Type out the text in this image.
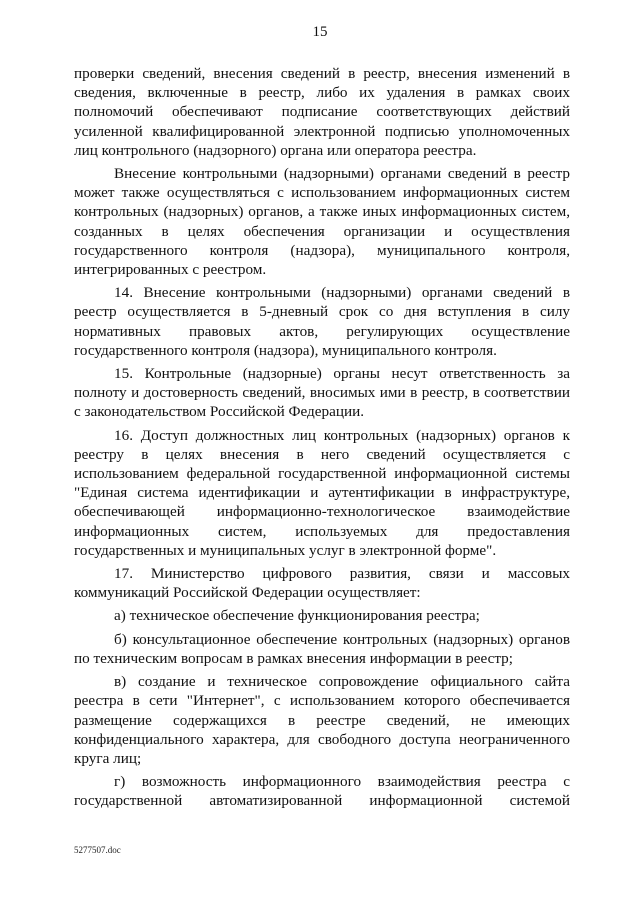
15

проверки сведений, внесения сведений в реестр, внесения изменений в сведения, включенные в реестр, либо их удаления в рамках своих полномочий обеспечивают подписание соответствующих действий усиленной квалифицированной электронной подписью уполномоченных лиц контрольного (надзорного) органа или оператора реестра.

Внесение контрольными (надзорными) органами сведений в реестр может также осуществляться с использованием информационных систем контрольных (надзорных) органов, а также иных информационных систем, созданных в целях обеспечения организации и осуществления государственного контроля (надзора), муниципального контроля, интегрированных с реестром.

14. Внесение контрольными (надзорными) органами сведений в реестр осуществляется в 5-дневный срок со дня вступления в силу нормативных правовых актов, регулирующих осуществление государственного контроля (надзора), муниципального контроля.

15. Контрольные (надзорные) органы несут ответственность за полноту и достоверность сведений, вносимых ими в реестр, в соответствии с законодательством Российской Федерации.

16. Доступ должностных лиц контрольных (надзорных) органов к реестру в целях внесения в него сведений осуществляется с использованием федеральной государственной информационной системы "Единая система идентификации и аутентификации в инфраструктуре, обеспечивающей информационно-технологическое взаимодействие информационных систем, используемых для предоставления государственных и муниципальных услуг в электронной форме".

17. Министерство цифрового развития, связи и массовых коммуникаций Российской Федерации осуществляет:

а) техническое обеспечение функционирования реестра;

б) консультационное обеспечение контрольных (надзорных) органов по техническим вопросам в рамках внесения информации в реестр;

в) создание и техническое сопровождение официального сайта реестра в сети "Интернет", с использованием которого обеспечивается размещение содержащихся в реестре сведений, не имеющих конфиденциального характера, для свободного доступа неограниченного круга лиц;

г) возможность информационного взаимодействия реестра с государственной автоматизированной информационной системой

5277507.doc
